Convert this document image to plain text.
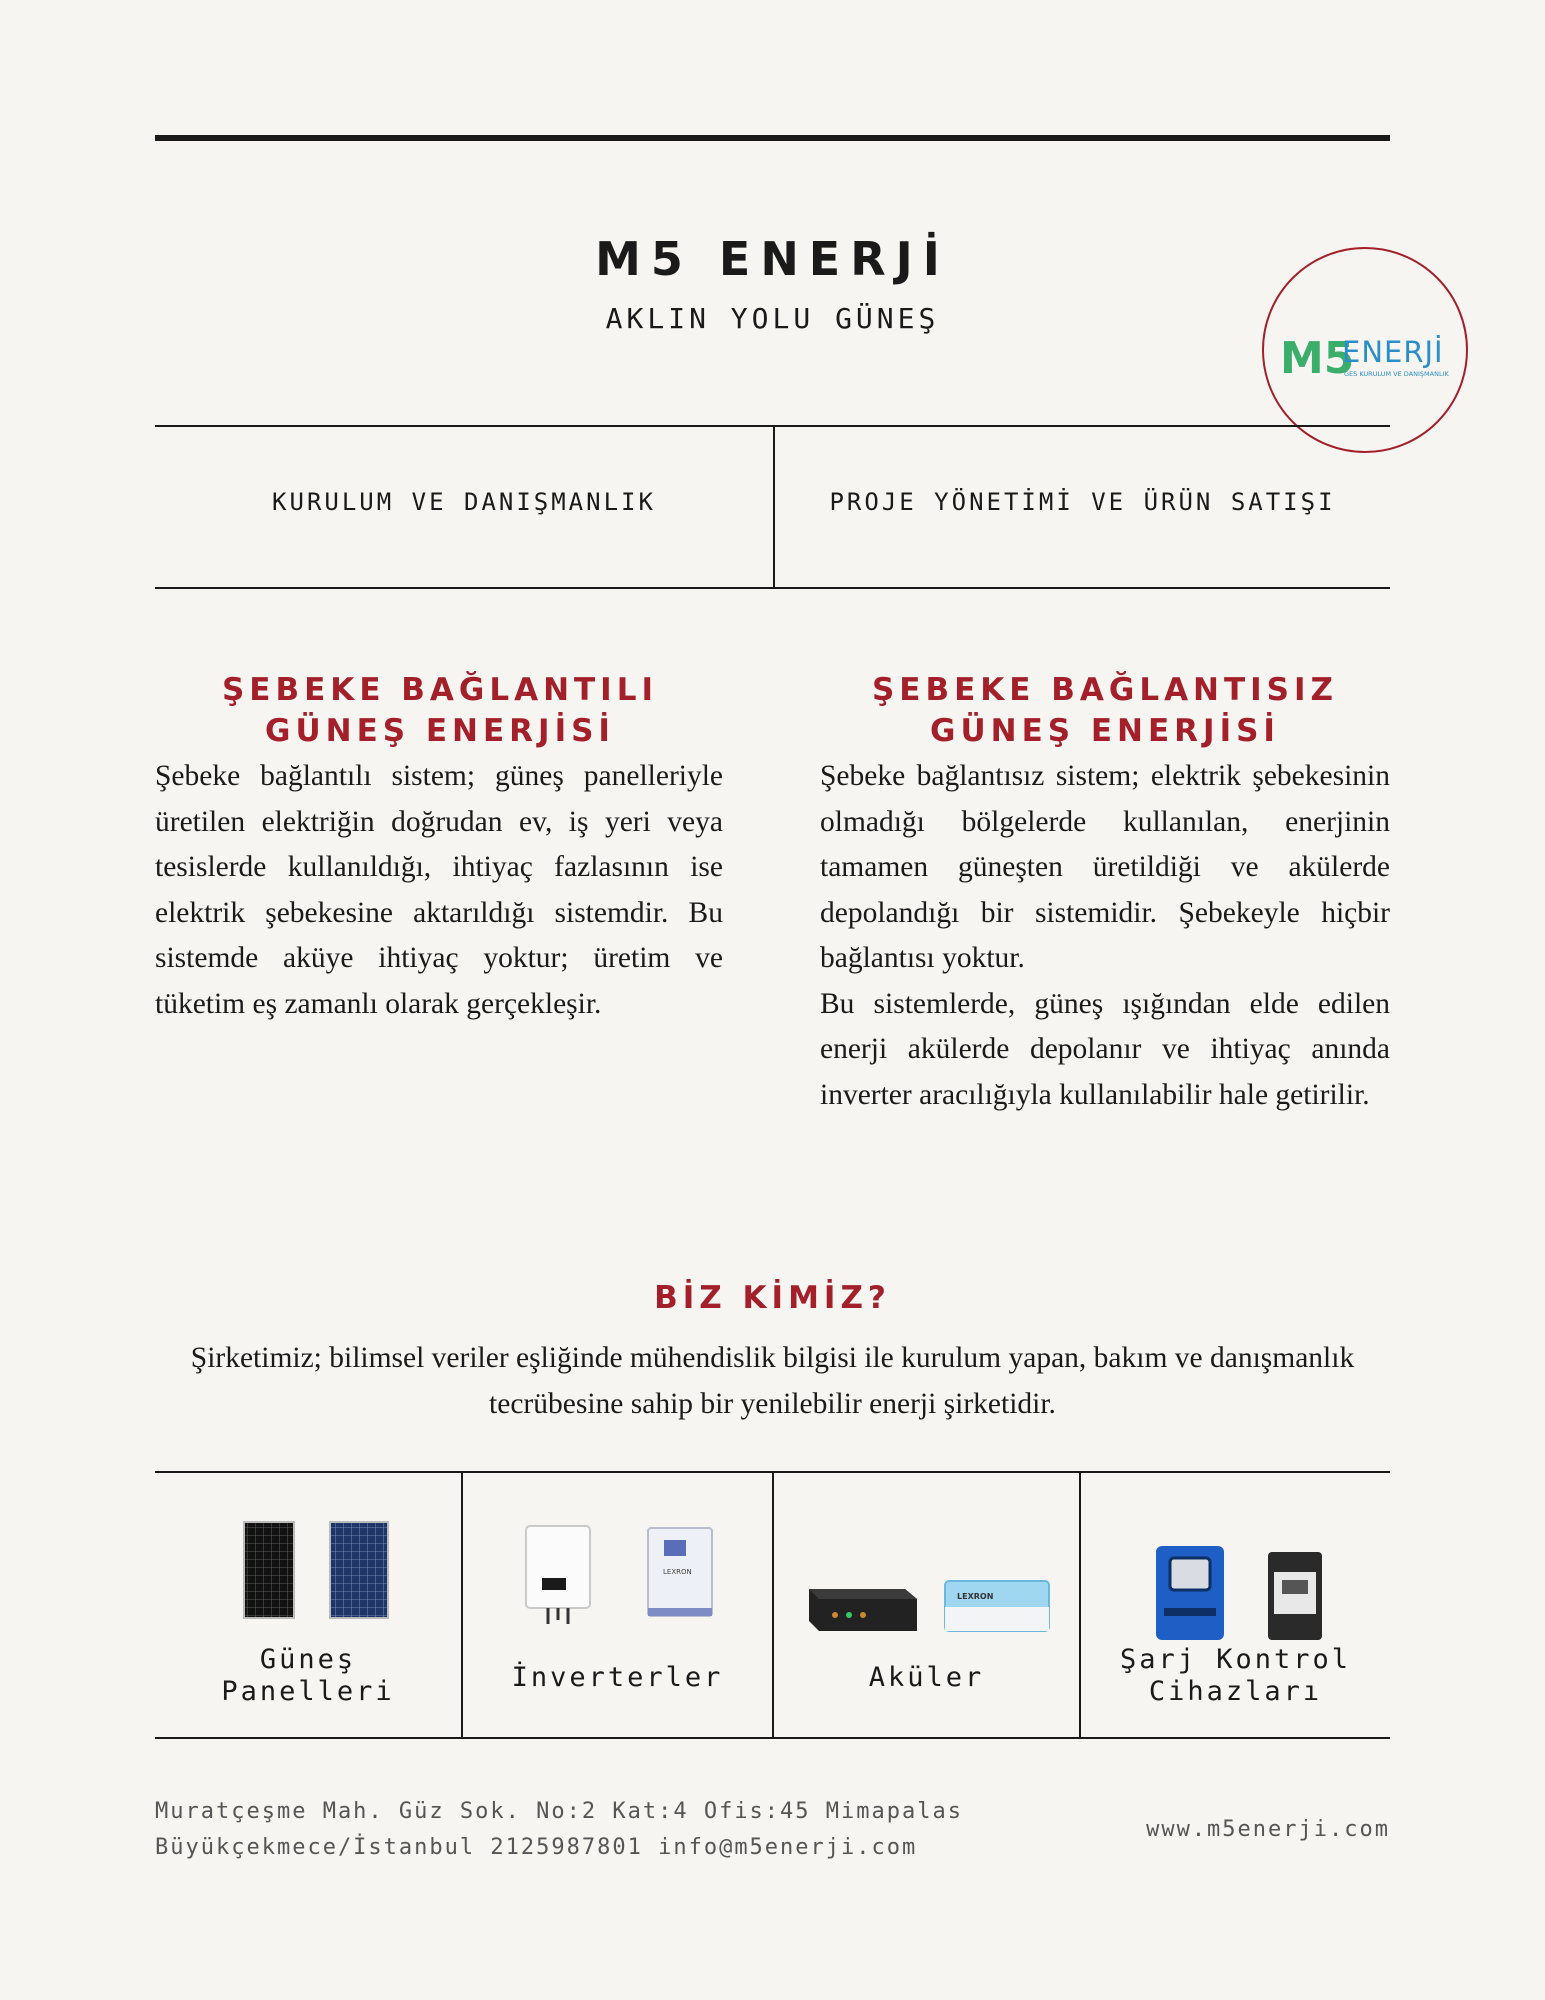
M5 ENERJİ
AKLIN YOLU GÜNEŞ
M5
ENERJİ
GES KURULUM VE DANIŞMANLIK
KURULUM VE DANIŞMANLIK	PROJE YÖNETİMİ VE ÜRÜN SATIŞI
ŞEBEKE BAĞLANTILI GÜNEŞ ENERJİSİ
Şebeke bağlantılı sistem; güneş panelleriyle üretilen elektriğin doğrudan ev, iş yeri veya tesislerde kullanıldığı, ihtiyaç fazlasının ise elektrik şebekesine aktarıldığı sistemdir. Bu sistemde aküye ihtiyaç yoktur; üretim ve tüketim eş zamanlı olarak gerçekleşir.
ŞEBEKE BAĞLANTISIZ GÜNEŞ ENERJİSİ
Şebeke bağlantısız sistem; elektrik şebekesinin olmadığı bölgelerde kullanılan, enerjinin tamamen güneşten üretildiği ve akülerde depolandığı bir sistemidir. Şebekeyle hiçbir bağlantısı yoktur.
Bu sistemlerde, güneş ışığından elde edilen enerji akülerde depolanır ve ihtiyaç anında inverter aracılığıyla kullanılabilir hale getirilir.
BİZ KİMİZ?
Şirketimiz; bilimsel veriler eşliğinde mühendislik bilgisi ile kurulum yapan, bakım ve danışmanlık tecrübesine sahip bir yenilebilir enerji şirketidir.
Güneş
Panelleri
LEXRON
İnverterler
LEXRON
Aküler
Şarj Kontrol
Cihazları
Muratçeşme Mah. Güz Sok. No:2 Kat:4 Ofis:45 Mimapalas
Büyükçekmece/İstanbul 2125987801 info@m5enerji.com
www.m5enerji.com
